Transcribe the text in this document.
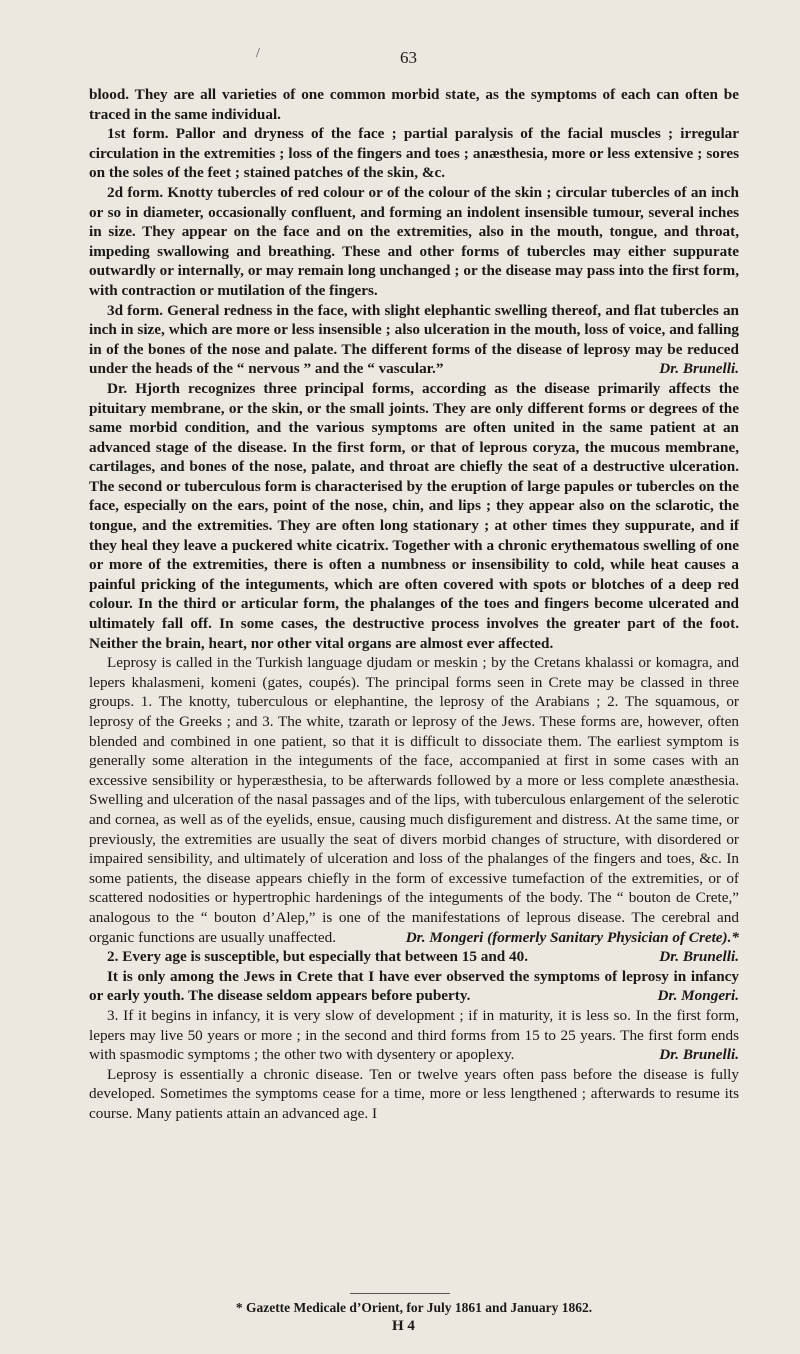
/	63

blood. They are all varieties of one common morbid state, as the symptoms of each can often be traced in the same individual.

1st form. Pallor and dryness of the face ; partial paralysis of the facial muscles ; irregular circulation in the extremities ; loss of the fingers and toes ; anæsthesia, more or less extensive ; sores on the soles of the feet ; stained patches of the skin, &c.

2d form. Knotty tubercles of red colour or of the colour of the skin ; circular tubercles of an inch or so in diameter, occasionally confluent, and forming an indolent insensible tumour, several inches in size. They appear on the face and on the extremities, also in the mouth, tongue, and throat, impeding swallowing and breathing. These and other forms of tubercles may either suppurate outwardly or internally, or may remain long unchanged ; or the disease may pass into the first form, with contraction or mutilation of the fingers.

3d form. General redness in the face, with slight elephantic swelling thereof, and flat tubercles an inch in size, which are more or less insensible ; also ulceration in the mouth, loss of voice, and falling in of the bones of the nose and palate. The different forms of the disease of leprosy may be reduced under the heads of the “ nervous ” and the “ vascular.”	Dr. Brunelli.

Dr. Hjorth recognizes three principal forms, according as the disease primarily affects the pituitary membrane, or the skin, or the small joints. They are only different forms or degrees of the same morbid condition, and the various symptoms are often united in the same patient at an advanced stage of the disease. In the first form, or that of leprous coryza, the mucous membrane, cartilages, and bones of the nose, palate, and throat are chiefly the seat of a destructive ulceration. The second or tuberculous form is characterised by the eruption of large papules or tubercles on the face, especially on the ears, point of the nose, chin, and lips ; they appear also on the sclarotic, the tongue, and the extremities. They are often long stationary ; at other times they suppurate, and if they heal they leave a puckered white cicatrix. Together with a chronic erythematous swelling of one or more of the extremities, there is often a numbness or insensibility to cold, while heat causes a painful pricking of the integuments, which are often covered with spots or blotches of a deep red colour. In the third or articular form, the phalanges of the toes and fingers become ulcerated and ultimately fall off. In some cases, the destructive process involves the greater part of the foot. Neither the brain, heart, nor other vital organs are almost ever affected.

Leprosy is called in the Turkish language djudam or meskin ; by the Cretans khalassi or komagra, and lepers khalasmeni, komeni (gates, coupés). The principal forms seen in Crete may be classed in three groups. 1. The knotty, tuberculous or elephantine, the leprosy of the Arabians ; 2. The squamous, or leprosy of the Greeks ; and 3. The white, tzarath or leprosy of the Jews. These forms are, however, often blended and combined in one patient, so that it is difficult to dissociate them. The earliest symptom is generally some alteration in the integuments of the face, accompanied at first in some cases with an excessive sensibility or hyperæsthesia, to be afterwards followed by a more or less complete anæsthesia. Swelling and ulceration of the nasal passages and of the lips, with tuberculous enlargement of the selerotic and cornea, as well as of the eyelids, ensue, causing much disfigurement and distress. At the same time, or previously, the extremities are usually the seat of divers morbid changes of structure, with disordered or impaired sensibility, and ultimately of ulceration and loss of the phalanges of the fingers and toes, &c. In some patients, the disease appears chiefly in the form of excessive tumefaction of the extremities, or of scattered nodosities or hypertrophic hardenings of the integuments of the body. The “ bouton de Crete,” analogous to the “ bouton d’Alep,” is one of the manifestations of leprous disease. The cerebral and organic functions are usually unaffected.	Dr. Mongeri (formerly Sanitary Physician of Crete).*

2. Every age is susceptible, but especially that between 15 and 40.	Dr. Brunelli.

It is only among the Jews in Crete that I have ever observed the symptoms of leprosy in infancy or early youth. The disease seldom appears before puberty.	Dr. Mongeri.

3. If it begins in infancy, it is very slow of development ; if in maturity, it is less so. In the first form, lepers may live 50 years or more ; in the second and third forms from 15 to 25 years. The first form ends with spasmodic symptoms ; the other two with dysentery or apoplexy.	Dr. Brunelli.

Leprosy is essentially a chronic disease. Ten or twelve years often pass before the disease is fully developed. Sometimes the symptoms cease for a time, more or less lengthened ; afterwards to resume its course. Many patients attain an advanced age. I

* Gazette Medicale d’Orient, for July 1861 and January 1862.
H 4
